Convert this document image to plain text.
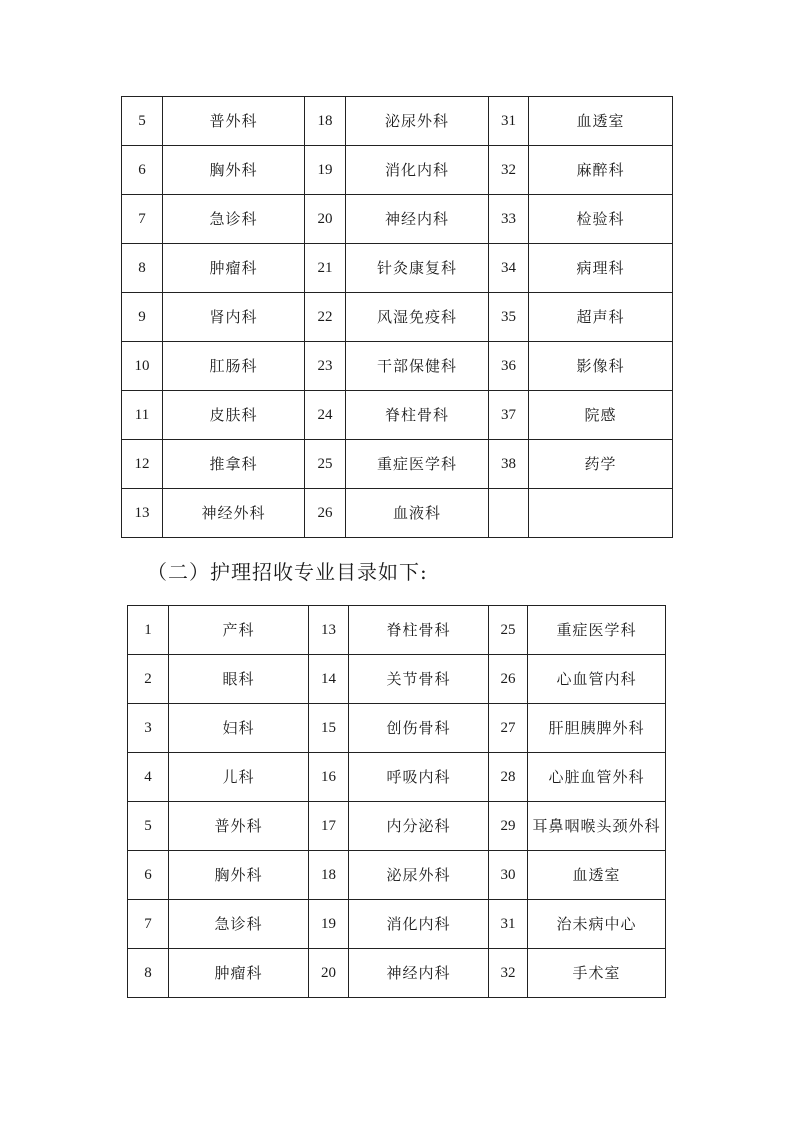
5	普外科	18	泌尿外科	31	血透室
6	胸外科	19	消化内科	32	麻醉科
7	急诊科	20	神经内科	33	检验科
8	肿瘤科	21	针灸康复科	34	病理科
9	肾内科	22	风湿免疫科	35	超声科
10	肛肠科	23	干部保健科	36	影像科
11	皮肤科	24	脊柱骨科	37	院感
12	推拿科	25	重症医学科	38	药学
13	神经外科	26	血液科		
（二）护理招收专业目录如下:
1	产科	13	脊柱骨科	25	重症医学科
2	眼科	14	关节骨科	26	心血管内科
3	妇科	15	创伤骨科	27	肝胆胰脾外科
4	儿科	16	呼吸内科	28	心脏血管外科
5	普外科	17	内分泌科	29	耳鼻咽喉头颈外科
6	胸外科	18	泌尿外科	30	血透室
7	急诊科	19	消化内科	31	治未病中心
8	肿瘤科	20	神经内科	32	手术室
